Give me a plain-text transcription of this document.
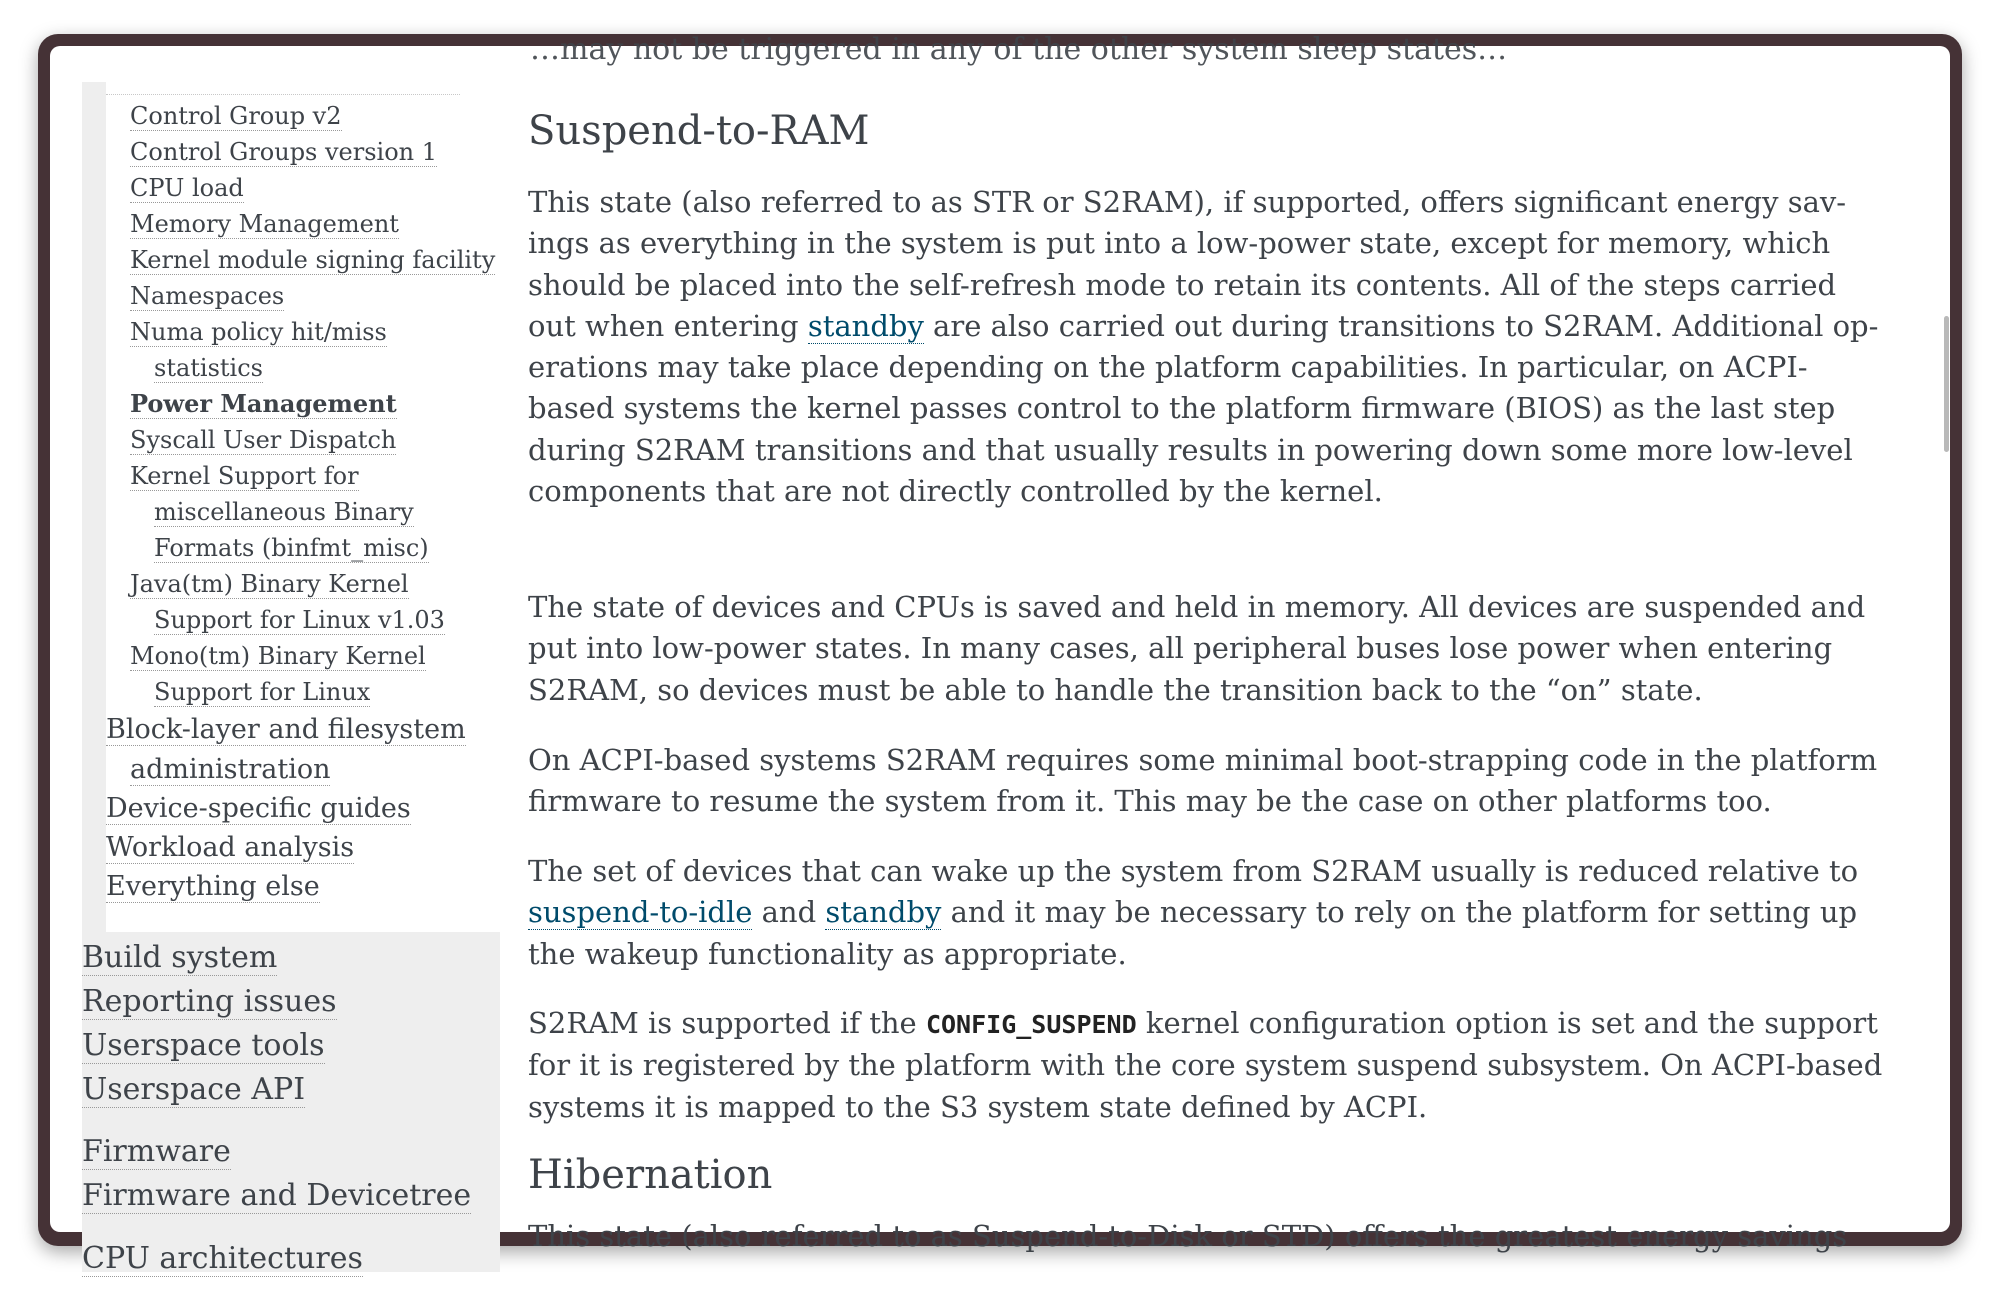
…may not be triggered in any of the other system sleep states…
Control Group v2
Control Groups version 1
CPU load
Memory Management
Kernel module signing facility
Namespaces
Numa policy hit/miss
statistics
Power Management
Syscall User Dispatch
Kernel Support for
miscellaneous Binary
Formats (binfmt_misc)
Java(tm) Binary Kernel
Support for Linux v1.03
Mono(tm) Binary Kernel
Support for Linux
Block-layer and filesystem
administration
Device-specific guides
Workload analysis
Everything else
Build system
Reporting issues
Userspace tools
Userspace API
Firmware
Firmware and Devicetree
CPU architectures
Suspend-to-RAM

This state (also referred to as STR or S2RAM), if supported, offers significant energy sav-
ings as everything in the system is put into a low-power state, except for memory, which
should be placed into the self-refresh mode to retain its contents. All of the steps carried
out when entering standby are also carried out during transitions to S2RAM. Additional op-
erations may take place depending on the platform capabilities. In particular, on ACPI-
based systems the kernel passes control to the platform firmware (BIOS) as the last step
during S2RAM transitions and that usually results in powering down some more low-level
components that are not directly controlled by the kernel.

The state of devices and CPUs is saved and held in memory. All devices are suspended and
put into low-power states. In many cases, all peripheral buses lose power when entering
S2RAM, so devices must be able to handle the transition back to the “on” state.

On ACPI-based systems S2RAM requires some minimal boot-strapping code in the platform
firmware to resume the system from it. This may be the case on other platforms too.

The set of devices that can wake up the system from S2RAM usually is reduced relative to
suspend-to-idle and standby and it may be necessary to rely on the platform for setting up
the wakeup functionality as appropriate.

S2RAM is supported if the CONFIG_SUSPEND kernel configuration option is set and the support
for it is registered by the platform with the core system suspend subsystem. On ACPI-based
systems it is mapped to the S3 system state defined by ACPI.

Hibernation

This state (also referred to as Suspend-to-Disk or STD) offers the greatest energy savings
